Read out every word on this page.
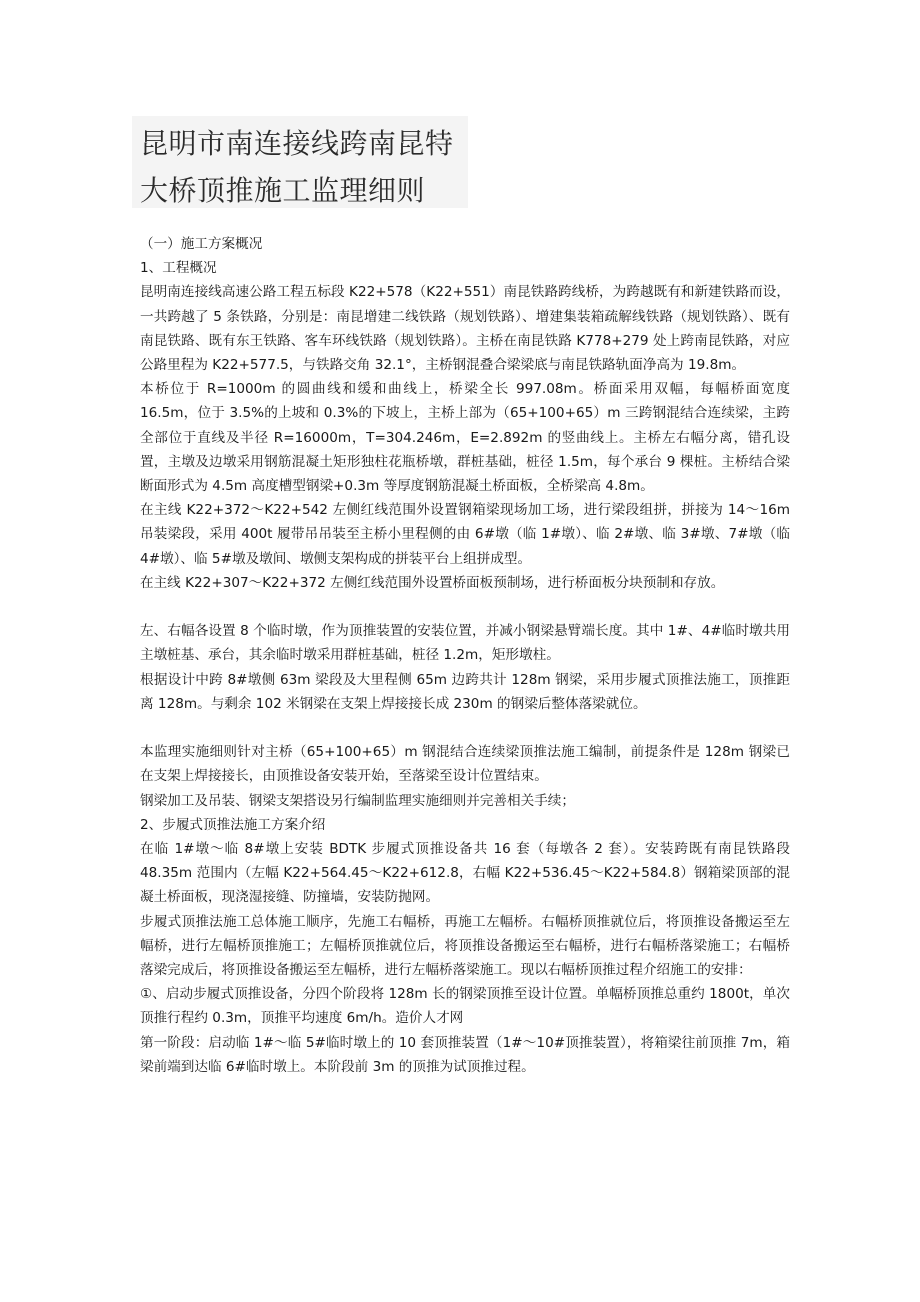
昆明市南连接线跨南昆特
大桥顶推施工监理细则

（一）施工方案概况

1、工程概况

昆明南连接线高速公路工程五标段 K22+578（K22+551）南昆铁路跨线桥，为跨越既有和新建铁路而设，一共跨越了 5 条铁路，分别是：南昆增建二线铁路（规划铁路）、增建集装箱疏解线铁路（规划铁路）、既有南昆铁路、既有东王铁路、客车环线铁路（规划铁路）。主桥在南昆铁路 K778+279 处上跨南昆铁路，对应公路里程为 K22+577.5，与铁路交角 32.1°，主桥钢混叠合梁梁底与南昆铁路轨面净高为 19.8m。

本桥位于 R=1000m 的圆曲线和缓和曲线上，桥梁全长 997.08m。桥面采用双幅，每幅桥面宽度 16.5m，位于 3.5%的上坡和 0.3%的下坡上，主桥上部为（65+100+65）m 三跨钢混结合连续梁，主跨全部位于直线及半径 R=16000m，T=304.246m，E=2.892m 的竖曲线上。主桥左右幅分离，错孔设置，主墩及边墩采用钢筋混凝土矩形独柱花瓶桥墩，群桩基础，桩径 1.5m，每个承台 9 棵桩。主桥结合梁断面形式为 4.5m 高度槽型钢梁+0.3m 等厚度钢筋混凝土桥面板，全桥梁高 4.8m。

在主线 K22+372～K22+542 左侧红线范围外设置钢箱梁现场加工场，进行梁段组拼，拼接为 14～16m 吊装梁段，采用 400t 履带吊吊装至主桥小里程侧的由 6#墩（临 1#墩）、临 2#墩、临 3#墩、7#墩（临 4#墩）、临 5#墩及墩间、墩侧支架构成的拼装平台上组拼成型。

在主线 K22+307～K22+372 左侧红线范围外设置桥面板预制场，进行桥面板分块预制和存放。

左、右幅各设置 8 个临时墩，作为顶推装置的安装位置，并减小钢梁悬臂端长度。其中 1#、4#临时墩共用主墩桩基、承台，其余临时墩采用群桩基础，桩径 1.2m，矩形墩柱。

根据设计中跨 8#墩侧 63m 梁段及大里程侧 65m 边跨共计 128m 钢梁，采用步履式顶推法施工，顶推距离 128m。与剩余 102 米钢梁在支架上焊接接长成 230m 的钢梁后整体落梁就位。

本监理实施细则针对主桥（65+100+65）m 钢混结合连续梁顶推法施工编制，前提条件是 128m 钢梁已在支架上焊接接长，由顶推设备安装开始，至落梁至设计位置结束。

钢梁加工及吊装、钢梁支架搭设另行编制监理实施细则并完善相关手续；

2、步履式顶推法施工方案介绍

在临 1#墩～临 8#墩上安装 BDTK 步履式顶推设备共 16 套（每墩各 2 套）。安装跨既有南昆铁路段 48.35m 范围内（左幅 K22+564.45～K22+612.8，右幅 K22+536.45～K22+584.8）钢箱梁顶部的混凝土桥面板，现浇湿接缝、防撞墙，安装防抛网。

步履式顶推法施工总体施工顺序，先施工右幅桥，再施工左幅桥。右幅桥顶推就位后，将顶推设备搬运至左幅桥，进行左幅桥顶推施工；左幅桥顶推就位后，将顶推设备搬运至右幅桥，进行右幅桥落梁施工；右幅桥落梁完成后，将顶推设备搬运至左幅桥，进行左幅桥落梁施工。现以右幅桥顶推过程介绍施工的安排：

①、启动步履式顶推设备，分四个阶段将 128m 长的钢梁顶推至设计位置。单幅桥顶推总重约 1800t，单次顶推行程约 0.3m，顶推平均速度 6m/h。造价人才网

第一阶段：启动临 1#～临 5#临时墩上的 10 套顶推装置（1#～10#顶推装置），将箱梁往前顶推 7m，箱梁前端到达临 6#临时墩上。本阶段前 3m 的顶推为试顶推过程。
